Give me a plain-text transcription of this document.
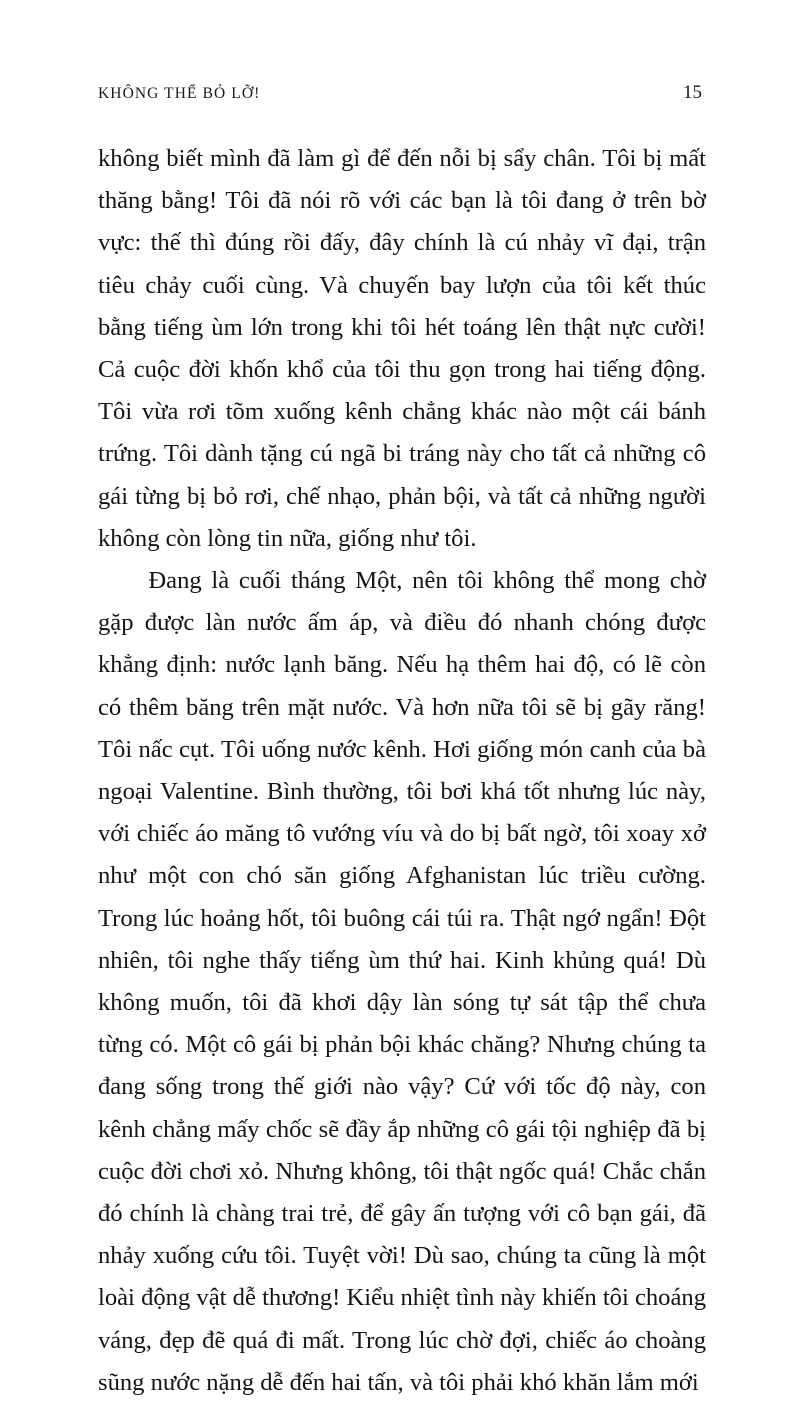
KHÔNG THỂ BỎ LỠ!	15

không biết mình đã làm gì để đến nỗi bị sẩy chân. Tôi bị mất thăng bằng! Tôi đã nói rõ với các bạn là tôi đang ở trên bờ vực: thế thì đúng rồi đấy, đây chính là cú nhảy vĩ đại, trận tiêu chảy cuối cùng. Và chuyến bay lượn của tôi kết thúc bằng tiếng ùm lớn trong khi tôi hét toáng lên thật nực cười! Cả cuộc đời khốn khổ của tôi thu gọn trong hai tiếng động. Tôi vừa rơi tõm xuống kênh chẳng khác nào một cái bánh trứng. Tôi dành tặng cú ngã bi tráng này cho tất cả những cô gái từng bị bỏ rơi, chế nhạo, phản bội, và tất cả những người không còn lòng tin nữa, giống như tôi.

Đang là cuối tháng Một, nên tôi không thể mong chờ gặp được làn nước ấm áp, và điều đó nhanh chóng được khẳng định: nước lạnh băng. Nếu hạ thêm hai độ, có lẽ còn có thêm băng trên mặt nước. Và hơn nữa tôi sẽ bị gãy răng! Tôi nấc cụt. Tôi uống nước kênh. Hơi giống món canh của bà ngoại Valentine. Bình thường, tôi bơi khá tốt nhưng lúc này, với chiếc áo măng tô vướng víu và do bị bất ngờ, tôi xoay xở như một con chó săn giống Afghanistan lúc triều cường. Trong lúc hoảng hốt, tôi buông cái túi ra. Thật ngớ ngẩn! Đột nhiên, tôi nghe thấy tiếng ùm thứ hai. Kinh khủng quá! Dù không muốn, tôi đã khơi dậy làn sóng tự sát tập thể chưa từng có. Một cô gái bị phản bội khác chăng? Nhưng chúng ta đang sống trong thế giới nào vậy? Cứ với tốc độ này, con kênh chẳng mấy chốc sẽ đầy ắp những cô gái tội nghiệp đã bị cuộc đời chơi xỏ. Nhưng không, tôi thật ngốc quá! Chắc chắn đó chính là chàng trai trẻ, để gây ấn tượng với cô bạn gái, đã nhảy xuống cứu tôi. Tuyệt vời! Dù sao, chúng ta cũng là một loài động vật dễ thương! Kiểu nhiệt tình này khiến tôi choáng váng, đẹp đẽ quá đi mất. Trong lúc chờ đợi, chiếc áo choàng sũng nước nặng dễ đến hai tấn, và tôi phải khó khăn lắm mới
